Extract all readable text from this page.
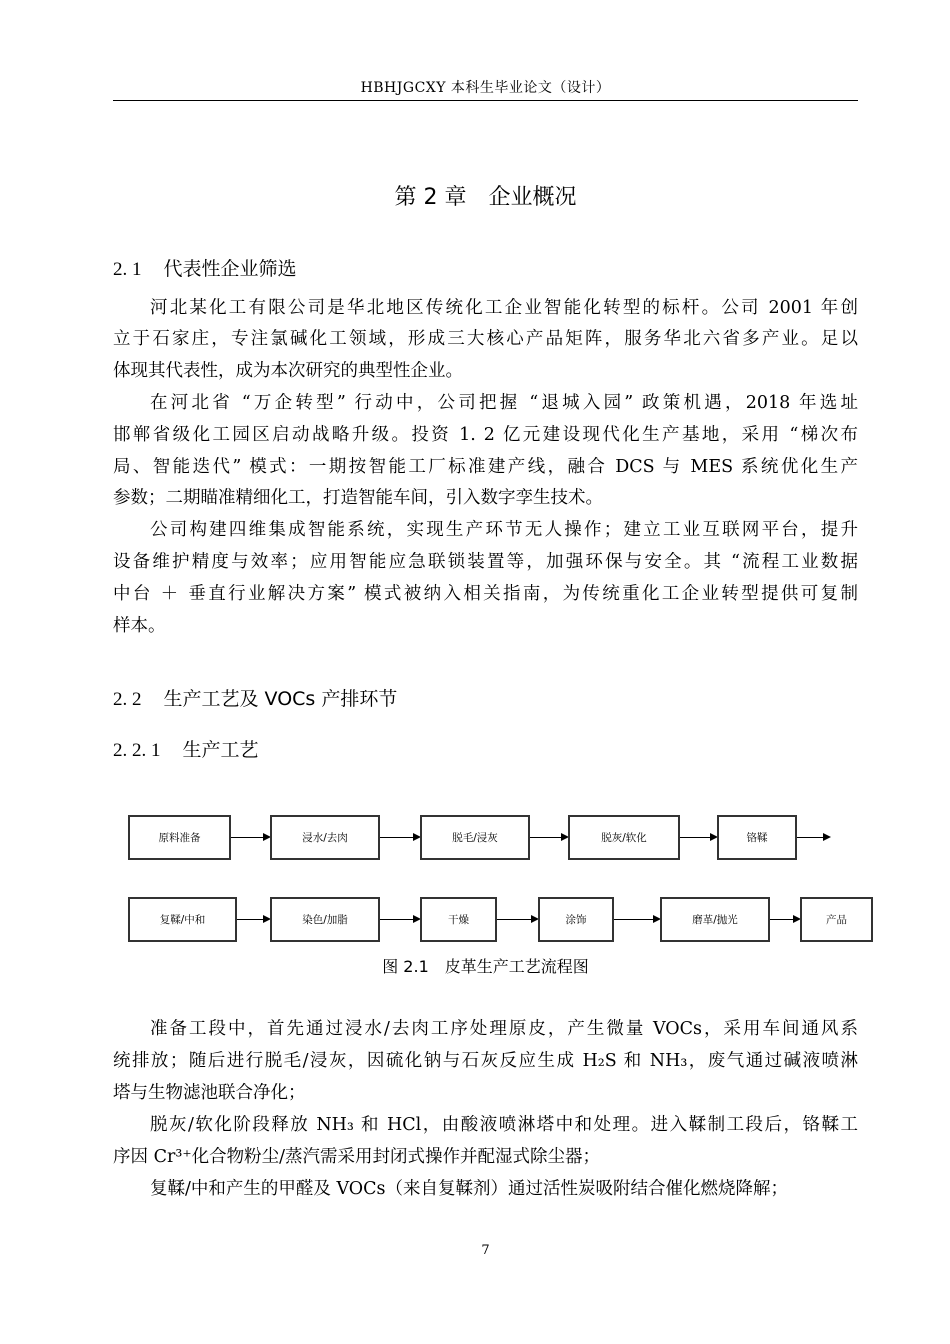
HBHJGCXY 本科生毕业论文（设计）
第 2 章　企业概况
2. 1 代表性企业筛选
河北某化工有限公司是华北地区传统化工企业智能化转型的标杆。公司 2001 年创
立于石家庄，专注氯碱化工领域，形成三大核心产品矩阵，服务华北六省多产业。足以
体现其代表性，成为本次研究的典型性企业。
在河北省 “万企转型” 行动中，公司把握 “退城入园” 政策机遇，2018 年选址
邯郸省级化工园区启动战略升级。投资 1. 2 亿元建设现代化生产基地，采用 “梯次布
局、智能迭代” 模式：一期按智能工厂标准建产线，融合 DCS 与 MES 系统优化生产
参数；二期瞄准精细化工，打造智能车间，引入数字孪生技术。
公司构建四维集成智能系统，实现生产环节无人操作；建立工业互联网平台，提升
设备维护精度与效率；应用智能应急联锁装置等，加强环保与安全。其 “流程工业数据
中台 ＋ 垂直行业解决方案” 模式被纳入相关指南，为传统重化工企业转型提供可复制
样本。
2. 2 生产工艺及 VOCs 产排环节
2. 2. 1 生产工艺
原料准备	浸水/去肉	脱毛/浸灰	脱灰/软化	铬鞣
复鞣/中和	染色/加脂	干燥	涂饰	磨革/抛光	产品
图 2.1　皮革生产工艺流程图
准备工段中，首先通过浸水/去肉工序处理原皮，产生微量 VOCs，采用车间通风系
统排放；随后进行脱毛/浸灰，因硫化钠与石灰反应生成 H₂S 和 NH₃，废气通过碱液喷淋
塔与生物滤池联合净化；
脱灰/软化阶段释放 NH₃ 和 HCl，由酸液喷淋塔中和处理。进入鞣制工段后，铬鞣工
序因 Cr³⁺化合物粉尘/蒸汽需采用封闭式操作并配湿式除尘器；
复鞣/中和产生的甲醛及 VOCs（来自复鞣剂）通过活性炭吸附结合催化燃烧降解；
7
